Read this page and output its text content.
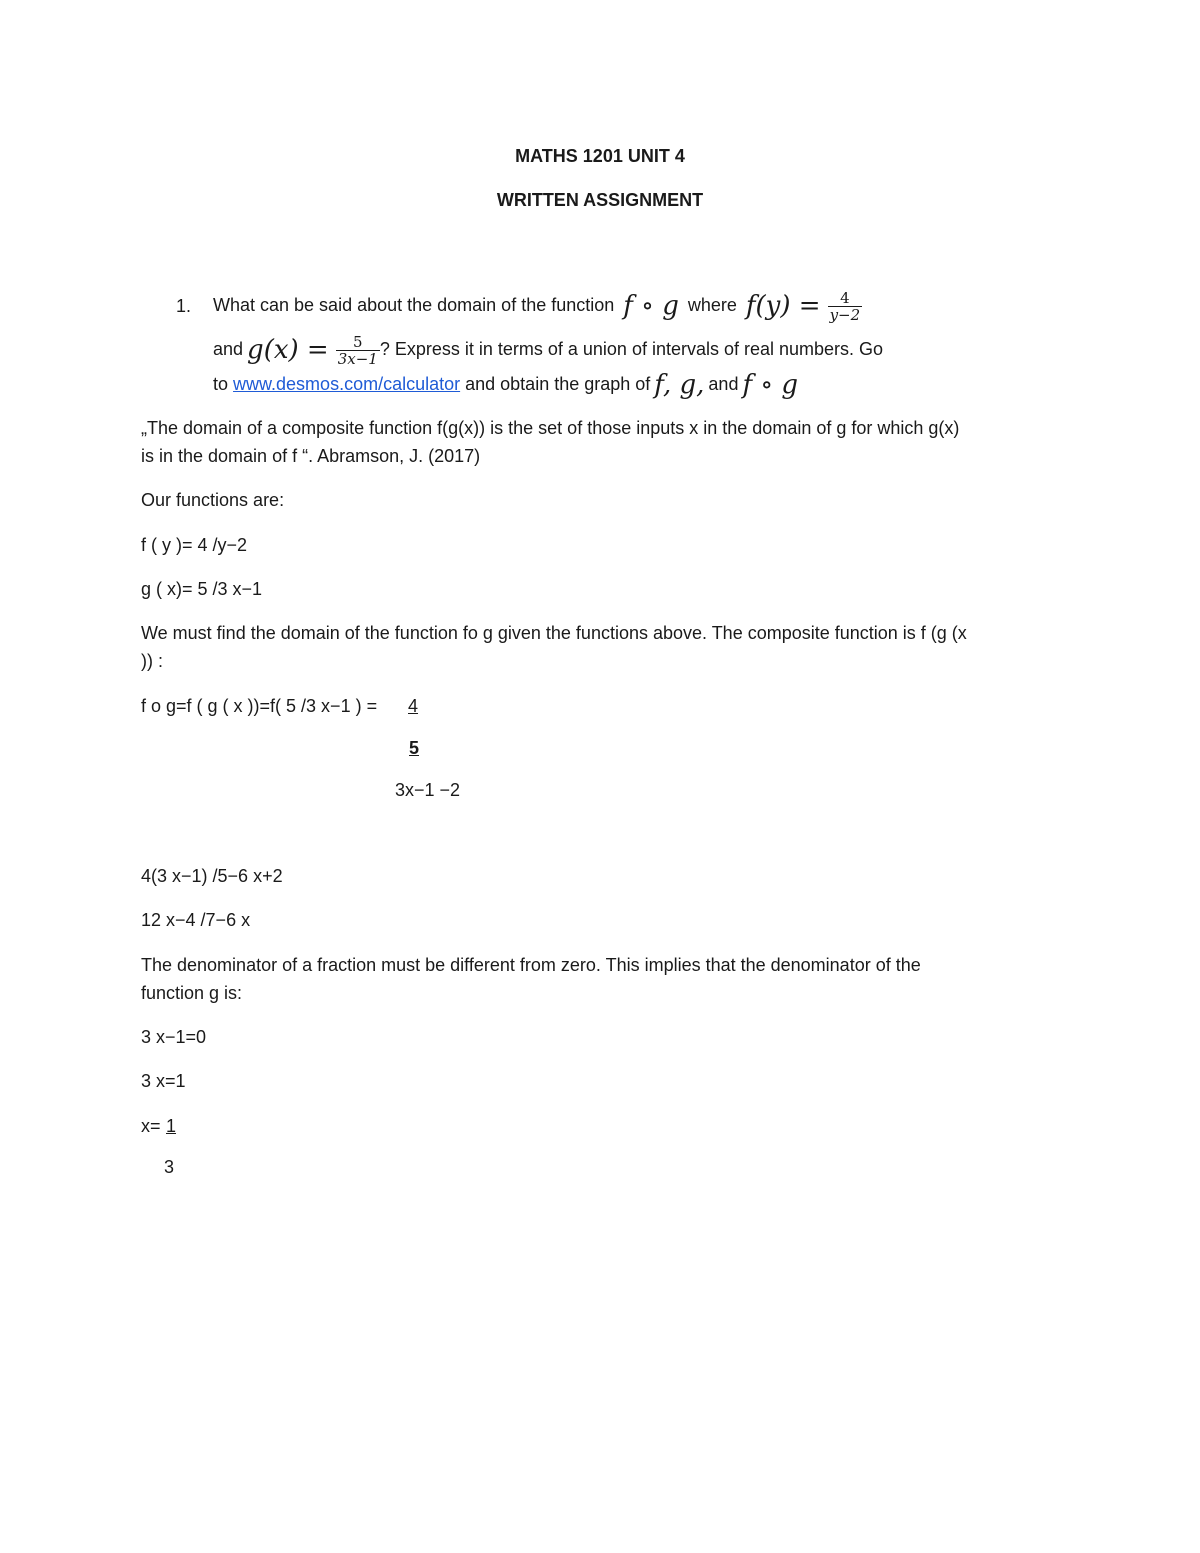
MATHS 1201 UNIT 4
WRITTEN ASSIGNMENT
1. What can be said about the domain of the function f ∘ g where $f(y) = \frac{4}{y-2}$
and $g(x) = \frac{5}{3x-1}$ ? Express it in terms of a union of intervals of real numbers. Go
to www.desmos.com/calculator and obtain the graph of f, g, and f ∘ g
„The domain of a composite function f(g(x)) is the set of those inputs x in the domain of g for which g(x)
is in the domain of f “. Abramson, J. (2017)
Our functions are:
f ( y )= 4 /y−2
g ( x)= 5 /3 x−1
We must find the domain of the function fo g given the functions above. The composite function is f (g (x
)) :
f o g=f ( g ( x ))=f( 5 /3 x−1 ) = 4
5
3x−1 −2
4(3 x−1) /5−6 x+2
12 x−4 /7−6 x
The denominator of a fraction must be different from zero. This implies that the denominator of the
function g is:
3 x−1=0
3 x=1
x= 1
3
